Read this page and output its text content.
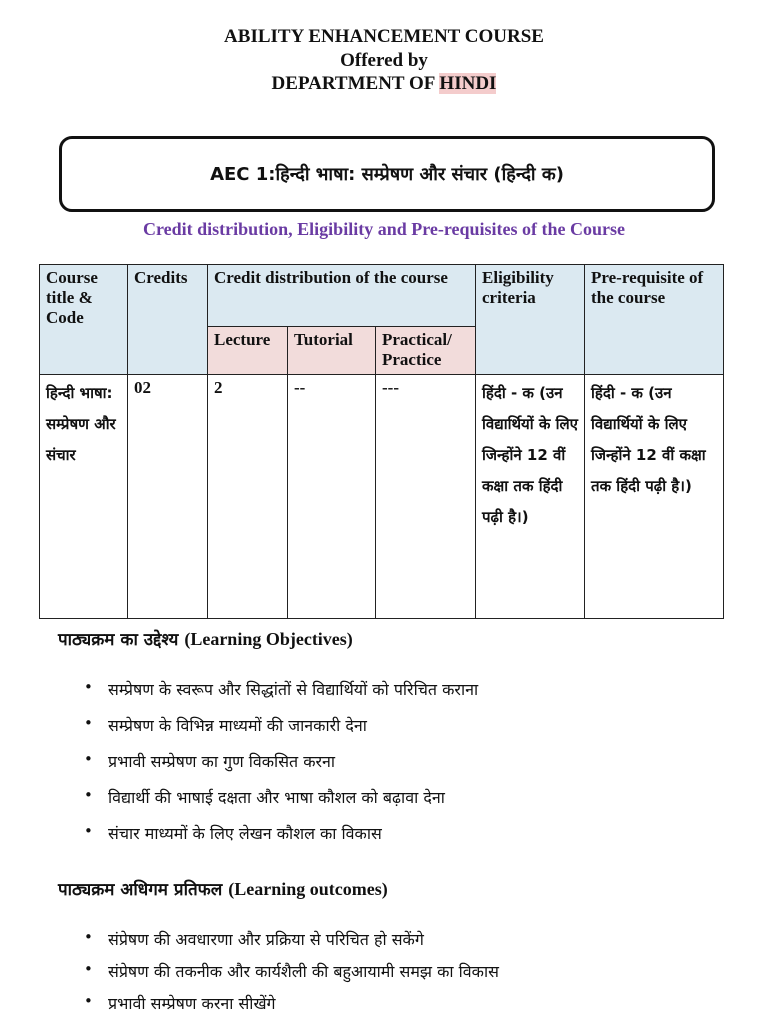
ABILITY ENHANCEMENT COURSE
Offered by
DEPARTMENT OF HINDI
AEC 1:हिन्दी भाषा: सम्प्रेषण और संचार (हिन्दी क)
Credit distribution, Eligibility and Pre-requisites of the Course
Course title & Code	Credits	Credit distribution of the course			Eligibility criteria	Pre-requisite of the course
		Lecture	Tutorial	Practical/ Practice		
हिन्दी भाषा: सम्प्रेषण और संचार	02	2	--	---	हिंदी - क (उन विद्यार्थियों के लिए जिन्होंने 12 वीं कक्षा तक हिंदी पढ़ी है।)	हिंदी - क (उन विद्यार्थियों के लिए जिन्होंने 12 वीं कक्षा तक हिंदी पढ़ी है।)
पाठ्यक्रम का उद्देश्य (Learning Objectives)
• सम्प्रेषण के स्वरूप और सिद्धांतों से विद्यार्थियों को परिचित कराना
• सम्प्रेषण के विभिन्न माध्यमों की जानकारी देना
• प्रभावी सम्प्रेषण का गुण विकसित करना
• विद्यार्थी की भाषाई दक्षता और भाषा कौशल को बढ़ावा देना
• संचार माध्यमों के लिए लेखन कौशल का विकास
पाठ्यक्रम अधिगम प्रतिफल (Learning outcomes)
• संप्रेषण की अवधारणा और प्रक्रिया से परिचित हो सकेंगे
• संप्रेषण की तकनीक और कार्यशैली की बहुआयामी समझ का विकास
• प्रभावी सम्प्रेषण करना सीखेंगे
